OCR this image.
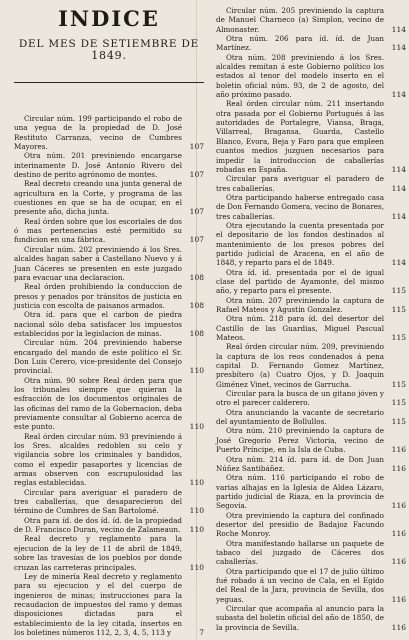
INDICE
DEL MES DE SETIEMBRE DE 1849.
Circular núm. 199 participando el robo de una yegua de la propiedad de D. José Restituto Carranza, vecino de Cumbres Mayores.	107
Otra núm. 201 previniendo encargarse interinamente D. José Antonio Rivero del destino de perito agrónomo de montes.	107
Real decreto creando una junta general de agricultura en la Corte, y programa de las cuestiones en que se ha de ocupar, en el presente año, dicha junta.	107
Real órden sobre que los escoriales de dos ó mas pertenencias esté permitido su fundicion en una fábrica.	107
Circular núm. 202 previniendo á los Sres. alcaldes hagan saber á Castellano Nuevo y á Juan Cáceres se presenten en este juzgado para evacuar una declaracion.	108
Real órden prohibiendo la conduccion de presos y penados por tránsitos de justicia en justicia con escolta de paisanos armados.	108
Otra íd. para que el carbon de piedra nacional sólo deba satisfacer los impuestos establecidos por la legislacion de minas.	108
Circular núm. 204 previniendo haberse encargado del mando de este político el Sr. Don Luis Cerero, vice-presidente del Consejo provincial.	110
Otra núm. 90 sobre Real órden para que los tribunales siempre que quieran la esfracción de los documentos originales de las oficinas del ramo de la Gobernacion, deba previamente consultar al Gobierno acerca de este punto.	110
Real órden circular núm. 93 previniendo á los Sres. alcaldes redoblen su celo y vigilancia sobre los criminales y bandidos, como el expedir pasaportes y licencias de armas observen con escrupulosidad las reglas establecidas.	110
Circular para averiguar el paradero de tres caballerías, que desaparecieron del término de Cumbres de San Bartolomé.	110
Otra para íd. de dos íd. íd. de la propiedad de D. Francisco Duran, vecino de Zalameaun.	110
Real decreto y reglamento para la ejecucion de la ley de 11 de abril de 1849, sobre las travesías de los pueblos por donde cruzan las carreteras principales.	110
Ley de minería Real decreto y reglamento para su ejecucion y el del cuerpo de ingenieros de minas; instrucciones para la recaudacion de impuestos del ramo y demas disposiciones dictadas para el establecimiento de la ley citada, insertos en los boletines números 112, 2, 3, 4, 5, 113 y	7
Circular núm. 205 previniendo la captura de Manuel Charneco (a) Simplon, vecino de Almonaster.	114
Otra núm. 206 para íd. íd. de Juan Martínez.	114
Otra núm. 208 previniendo á los Sres. alcaldes remitan á este Gobierno político los estados al tenor del modelo inserto en el boletin oficial núm. 93, de 2 de agosto, del año próximo pasado.	114
Real órden circular núm. 211 insertando otra pasada por el Gobierno Portugués á las autoridades de Portalegre, Viansa, Braga, Villarreal, Bragansa, Guarda, Castello Blanco, Evora, Beja y Faro para que empleen cuantos medios juzguen necesarios para impedir la introduccion de caballerías robadas en España.	114
Circular para averiguar el paradero de tres caballerías.	114
Otra participando haberse entregado casa de Don Fernando Gomera, vecino de Bonares, tres caballerías.	114
Otra ejecutando la cuenta presentada por el depositario de los fondos destinados al mantenimiento de los presos pobres del partido judicial de Aracena, en el año de 1848, y reparto para el de 1849.	114
Otra íd. íd. presentada por el de igual clase del partido de Ayamonte, del mismo año, y reparto para el presente.	115
Otra núm. 207 previniendo la captura de Rafael Mateos y Agustín Gonzalez.	115
Otra núm. 218 para íd. del desertor del Castillo de las Guardias, Miguel Pascual Mateos.	115
Real órden circular núm. 209, previniendo la captura de los reos condenados á pena capital D. Fernando Gomez Martínez, presbítero (a) Cuatro Ojos, y D. Joaquin Giménez Vinet, vecinos de Garrucha.	115
Circular para la busca de un gitano jóven y otro el parecer calderero.	115
Otra anunciando la vacante de secretario del ayuntamiento de Bollullos.	115
Otra núm. 210 previniendo la captura de José Gregorio Perez Victoria, vecino de Puerto Príncipe, en la Isla de Cuba.	116
Otra núm. 214 íd. para íd. de Don Juan Núñez Santibáñez.	116
Otra núm. 116 participando el robo de varias alhajas en la Iglesia de Aldea Lázaro, partido judicial de Riaza, en la provincia de Segovia.	116
Otra previniendo la captura del confinado desertor del presidio de Badajoz Facundo Roche Monroy.	116
Otra manifestando hallarse un paquete de tabaco del juzgado de Cáceres dos caballerías.	116
Otra participando que el 17 de julio último fué robado á un vecino de Cala, en el Egido del Real de la Jara, provincia de Sevilla, dos yeguas.	116
Circular que acompaña al anuncio para la subasta del boletin oficial del año de 1850, de la provincia de Sevilla.	116
